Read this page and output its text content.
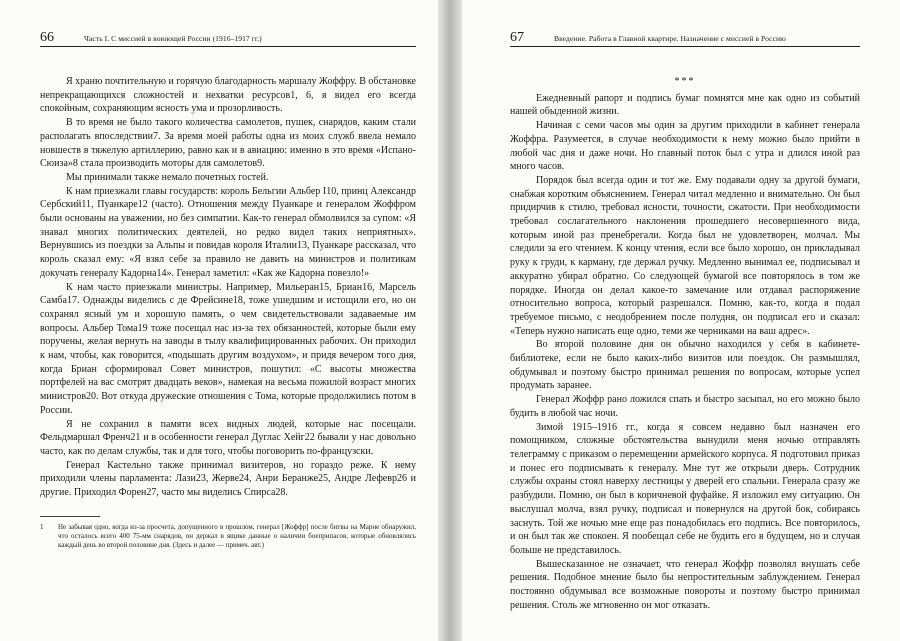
66	Часть I. С миссией в воюющей России (1916–1917 гг.)

Я храню почтительную и горячую благодарность маршалу Жоффру. В обстановке непрекращающихся сложностей и нехватки ресурсов1, 6, я видел его всегда спокойным, сохраняющим ясность ума и прозорливость.

В то время не было такого количества самолетов, пушек, снарядов, каким стали располагать впоследствии7. За время моей работы одна из моих служб ввела немало новшеств в тяжелую артиллерию, равно как и в авиацию: именно в это время «Испано-Сюиза»8 стала производить моторы для самолетов9.

Мы принимали также немало почетных гостей.

К нам приезжали главы государств: король Бельгии Альбер I10, принц Александр Сербский11, Пуанкаре12 (часто). Отношения между Пуанкаре и генералом Жоффром были основаны на уважении, но без симпатии. Как-то генерал обмолвился за супом: «Я знавал многих политических деятелей, но редко видел таких неприятных». Вернувшись из поездки за Альпы и повидав короля Италии13, Пуанкаре рассказал, что король сказал ему: «Я взял себе за правило не давить на министров и политикам докучать генералу Кадорна14». Генерал заметил: «Как же Кадорна повезло!»

К нам часто приезжали министры. Например, Мильеран15, Бриан16, Марсель Самба17. Однажды виделись с де Фрейсине18, тоже ушедшим и истощили его, но он сохранял ясный ум и хорошую память, о чем свидетельствовали задаваемые им вопросы. Альбер Тома19 тоже посещал нас из-за тех обязанностей, которые были ему поручены, желая вернуть на заводы в тылу квалифицированных рабочих. Он приходил к нам, чтобы, как говорится, «подышать другим воздухом», и придя вечером того дня, когда Бриан сформировал Совет министров, пошутил: «С высоты множества портфелей на вас смотрят двадцать веков», намекая на весьма пожилой возраст многих министров20. Вот откуда дружеские отношения с Тома, которые продолжились потом в России.

Я не сохранил в памяти всех видных людей, которые нас посещали. Фельдмаршал Френч21 и в особенности генерал Дуглас Хейг22 бывали у нас довольно часто, как по делам службы, так и для того, чтобы поговорить по-французски.

Генерал Кастельно также принимал визитеров, но гораздо реже. К нему приходили члены парламента: Лази23, Жерве24, Анри Беранже25, Андре Лефевр26 и другие. Приходил Форен27, часто мы виделись Спирса28.

1	Не забывая одно, когда из-за просчета, допущенного в прошлом, генерал [Жоффр] после битвы на Марне обнаружил, что осталось всего 400 75-мм снарядов, он держал в ящике данные о наличии боеприпасов, которые обновлялись каждый день во второй половине дня. (Здесь и далее — примеч. авт.)
67	Введение. Работа в Главной квартире. Назначение с миссией в Россию

***

Ежедневный рапорт и подпись бумаг помнятся мне как одно из событий нашей обыденной жизни.

Начиная с семи часов мы один за другим приходили в кабинет генерала Жоффра. Разумеется, в случае необходимости к нему можно было прийти в любой час дня и даже ночи. Но главный поток был с утра и длился иной раз много часов.

Порядок был всегда один и тот же. Ему подавали одну за другой бумаги, снабжая коротким объяснением. Генерал читал медленно и внимательно. Он был придирчив к стилю, требовал ясности, точности, сжатости. При необходимости требовал сослагательного наклонения прошедшего несовершенного вида, которым иной раз пренебрегали. Когда был не удовлетворен, молчал. Мы следили за его чтением. К концу чтения, если все было хорошо, он прикладывал руку к груди, к карману, где держал ручку. Медленно вынимал ее, подписывал и аккуратно убирал обратно. Со следующей бумагой все повторялось в том же порядке. Иногда он делал какое-то замечание или отдавал распоряжение относительно вопроса, который разрешался. Помню, как-то, когда я подал требуемое письмо, с неодобрением после полудня, он подписал его и сказал: «Теперь нужно написать еще одно, теми же черниками на ваш адрес».

Во второй половине дня он обычно находился у себя в кабинете-библиотеке, если не было каких-либо визитов или поездок. Он размышлял, обдумывал и поэтому быстро принимал решения по вопросам, которые успел продумать заранее.

Генерал Жоффр рано ложился спать и быстро засыпал, но его можно было будить в любой час ночи.

Зимой 1915–1916 гг., когда я совсем недавно был назначен его помощником, сложные обстоятельства вынудили меня ночью отправлять телеграмму с приказом о перемещении армейского корпуса. Я подготовил приказ и понес его подписывать к генералу. Мне тут же открыли дверь. Сотрудник службы охраны стоял наверху лестницы у дверей его спальни. Генерала сразу же разбудили. Помню, он был в коричневой фуфайке. Я изложил ему ситуацию. Он выслушал молча, взял ручку, подписал и повернулся на другой бок, собираясь заснуть. Той же ночью мне еще раз понадобилась его подпись. Все повторилось, и он был так же спокоен. Я пообещал себе не будить его в будущем, но и случая больше не представилось.

Вышесказанное не означает, что генерал Жоффр позволял внушать себе решения. Подобное мнение было бы непростительным заблуждением. Генерал постоянно обдумывал все возможные повороты и поэтому быстро принимал решения. Столь же мгновенно он мог отказать.
